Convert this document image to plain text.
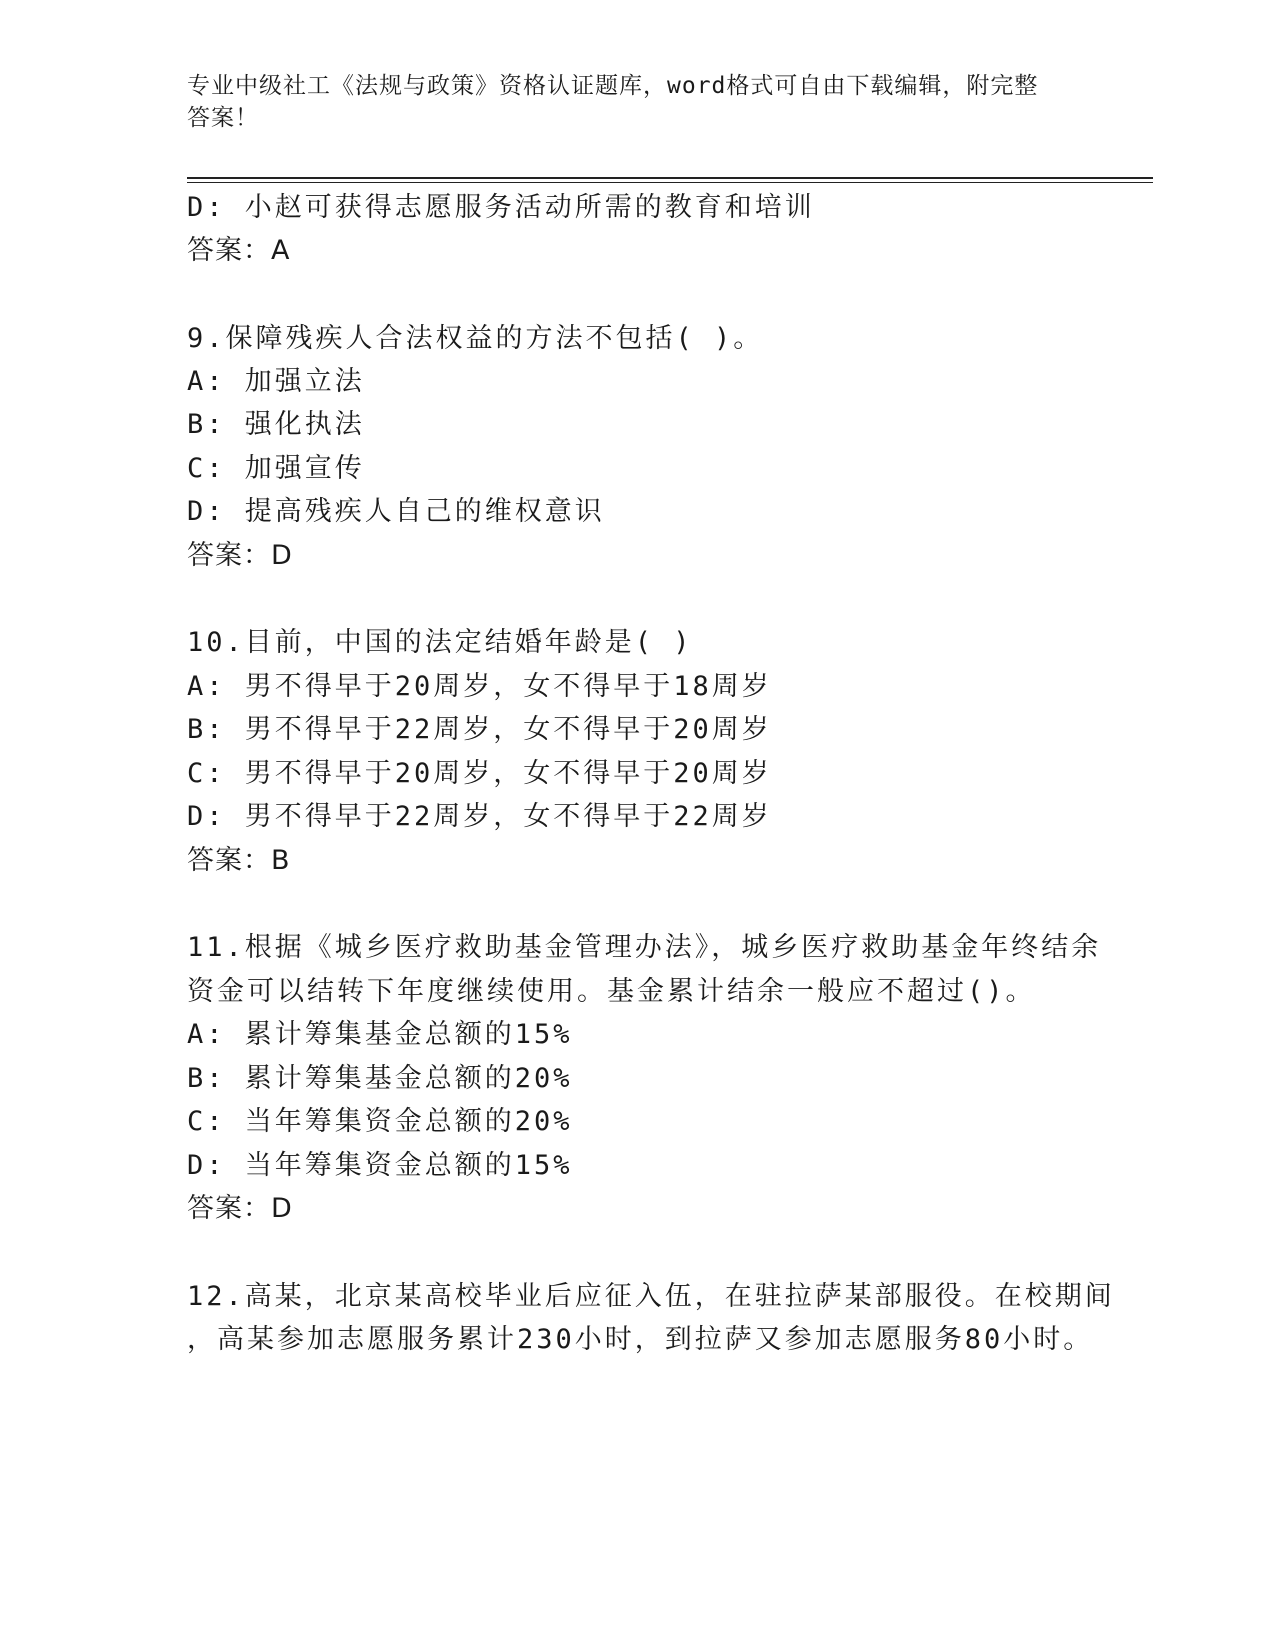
专业中级社工《法规与政策》资格认证题库，word格式可自由下载编辑，附完整
答案！
D: 小赵可获得志愿服务活动所需的教育和培训
答案：A
9.保障残疾人合法权益的方法不包括( )。
A: 加强立法
B: 强化执法
C: 加强宣传
D: 提高残疾人自己的维权意识
答案：D
10.目前，中国的法定结婚年龄是( )
A: 男不得早于20周岁，女不得早于18周岁
B: 男不得早于22周岁，女不得早于20周岁
C: 男不得早于20周岁，女不得早于20周岁
D: 男不得早于22周岁，女不得早于22周岁
答案：B
11.根据《城乡医疗救助基金管理办法》，城乡医疗救助基金年终结余
资金可以结转下年度继续使用。基金累计结余一般应不超过()。
A: 累计筹集基金总额的15%
B: 累计筹集基金总额的20%
C: 当年筹集资金总额的20%
D: 当年筹集资金总额的15%
答案：D
12.高某，北京某高校毕业后应征入伍，在驻拉萨某部服役。在校期间
，高某参加志愿服务累计230小时，到拉萨又参加志愿服务80小时。
